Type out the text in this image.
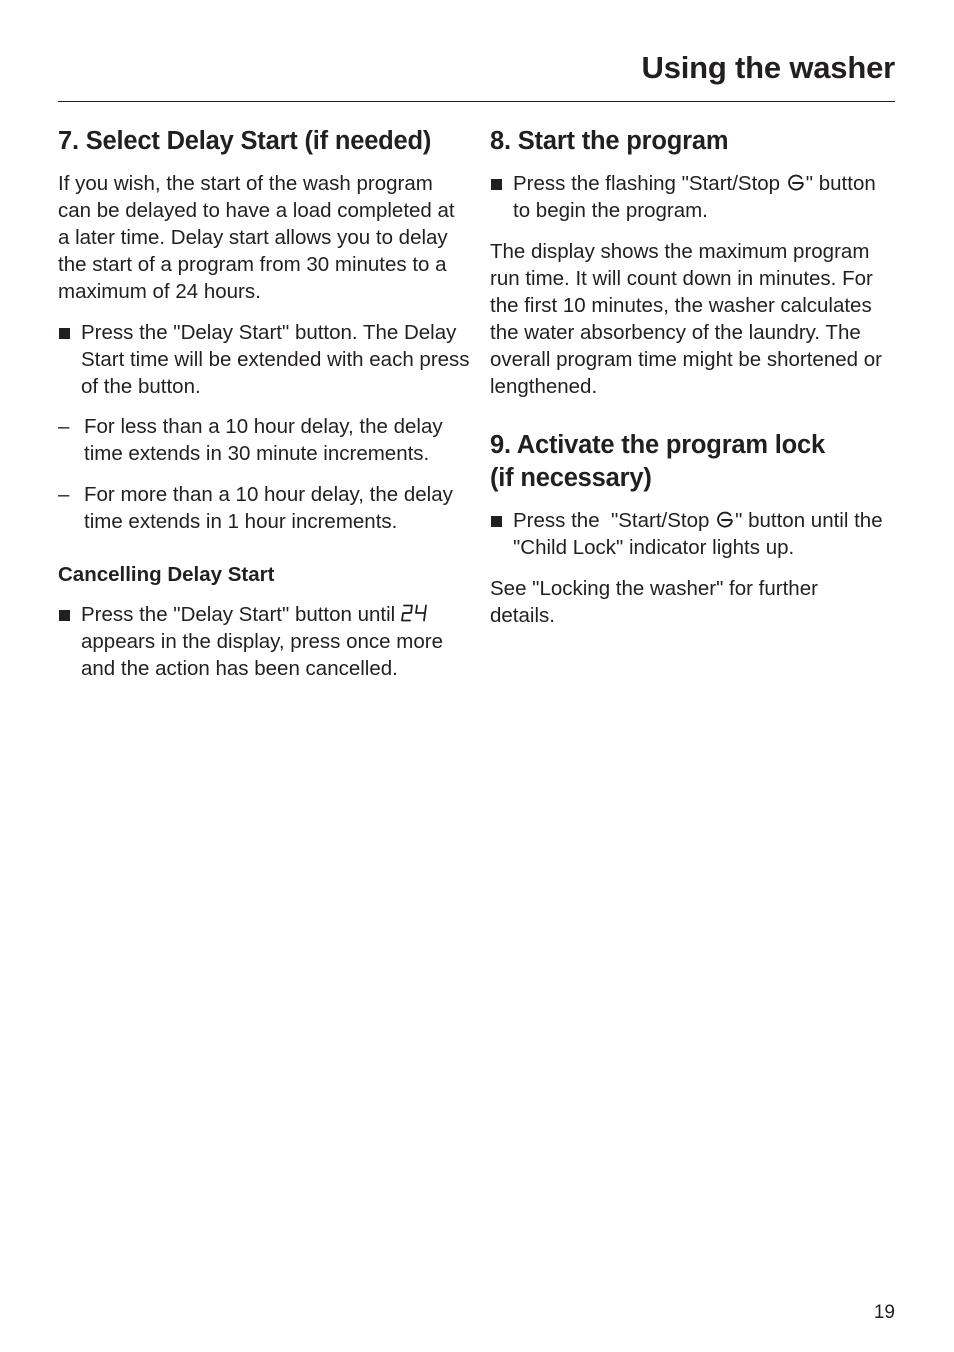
Using the washer
7. Select Delay Start (if needed)

If you wish, the start of the wash program can be delayed to have a load completed at a later time. Delay start allows you to delay the start of a program from 30 minutes to a maximum of 24 hours.

Press the "Delay Start" button. The Delay Start time will be extended with each press of the button.
– For less than a 10 hour delay, the delay time extends in 30 minute increments.
– For more than a 10 hour delay, the delay time extends in 1 hour increments.
Cancelling Delay Start
Press the "Delay Start" button until  appears in the display, press once more and the action has been cancelled.
8. Start the program
Press the flashing "Start/Stop " button to begin the program.

The display shows the maximum program run time. It will count down in minutes. For the first 10 minutes, the washer calculates the water absorbency of the laundry. The overall program time might be shortened or lengthened.

9. Activate the program lock
(if necessary)
Press the  "Start/Stop " button until the "Child Lock" indicator lights up.

See "Locking the washer" for further details.

19
